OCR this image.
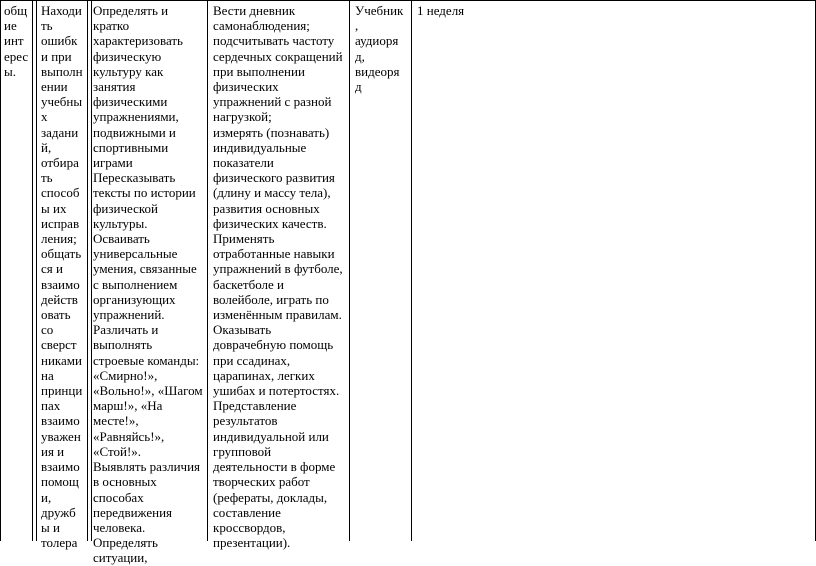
общ
ие
инт
ерес
ы.
Находи
ть
ошибк
и при
выполн
ении
учебны
х
задани
й,
отбира
ть
способ
ы их
исправ
ления;
общать
ся и
взаимо
действ
овать
со
сверст
никами
на
принци
пах
взаимо
уважен
ия и
взаимо
помощ
и,
дружб
ы и
толера
Определять и
кратко
характеризовать
физическую
культуру как
занятия
физическими
упражнениями,
подвижными и
спортивными
играми
Пересказывать
тексты по истории
физической
культуры.
Осваивать
универсальные
умения, связанные
с выполнением
организующих
упражнений.
Различать и
выполнять
строевые команды:
«Смирно!»,
«Вольно!», «Шагом
марш!», «На
месте!»,
«Равняйсь!»,
«Стой!».
Выявлять различия
в основных
способах
передвижения
человека.
Определять
ситуации,
Вести дневник
самонаблюдения;
подсчитывать частоту
сердечных сокращений
при выполнении
физических
упражнений с разной
нагрузкой;
измерять (познавать)
индивидуальные
показатели
физического развития
(длину и массу тела),
развития основных
физических качеств.
Применять
отработанные навыки
упражнений в футболе,
баскетболе и
волейболе, играть по
изменённым правилам.
Оказывать
доврачебную помощь
при ссадинах,
царапинах, легких
ушибах и потертостях.
Представление
результатов
индивидуальной или
групповой
деятельности в форме
творческих работ
(рефераты, доклады,
составление
кроссвордов,
презентации).
Учебник
,
аудиоря
д,
видеоря
д
1 неделя
